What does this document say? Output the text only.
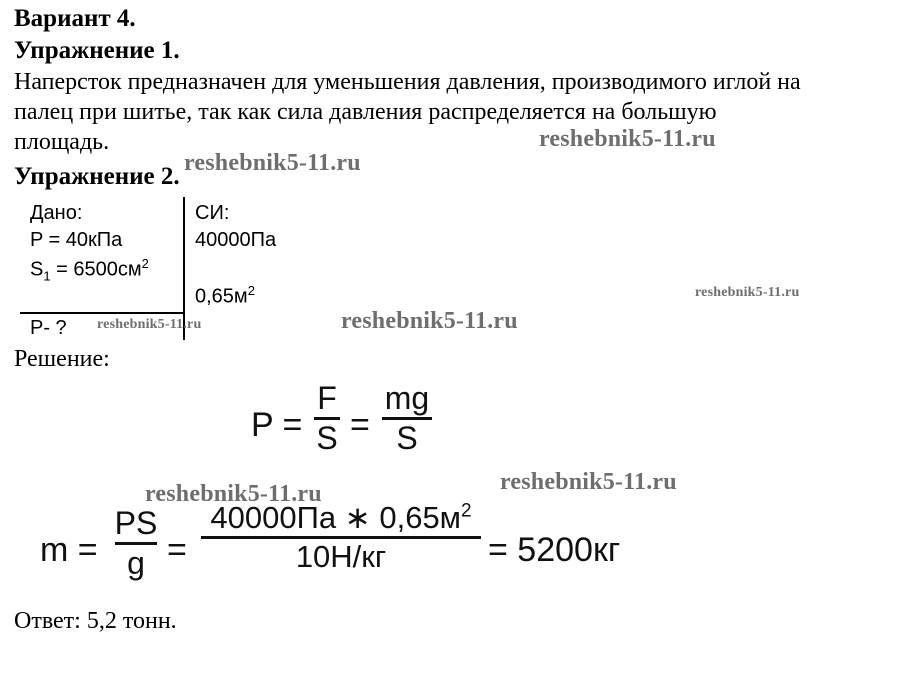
Вариант 4.
Упражнение 1.
Наперсток предназначен для уменьшения давления, производимого иглой на
палец при шитье, так как сила давления распределяется на большую
площадь.
Упражнение 2.
Дано:
P = 40кПа
$S_1 = 6500см^2$
P- ?
СИ:
40000Па
$0,65м^2$
Решение:
P =
F
S =
mg
S
m =
PS
g =
40000Па ∗ $0,65м^2$
10Н/кг	= 5200кг
Ответ: 5,2 тонн.
reshebnik5-11.ru
reshebnik5-11.ru
reshebnik5-11.ru
reshebnik5-11.ru	reshebnik5-11.ru
reshebnik5-11.ru
reshebnik5-11.ru
